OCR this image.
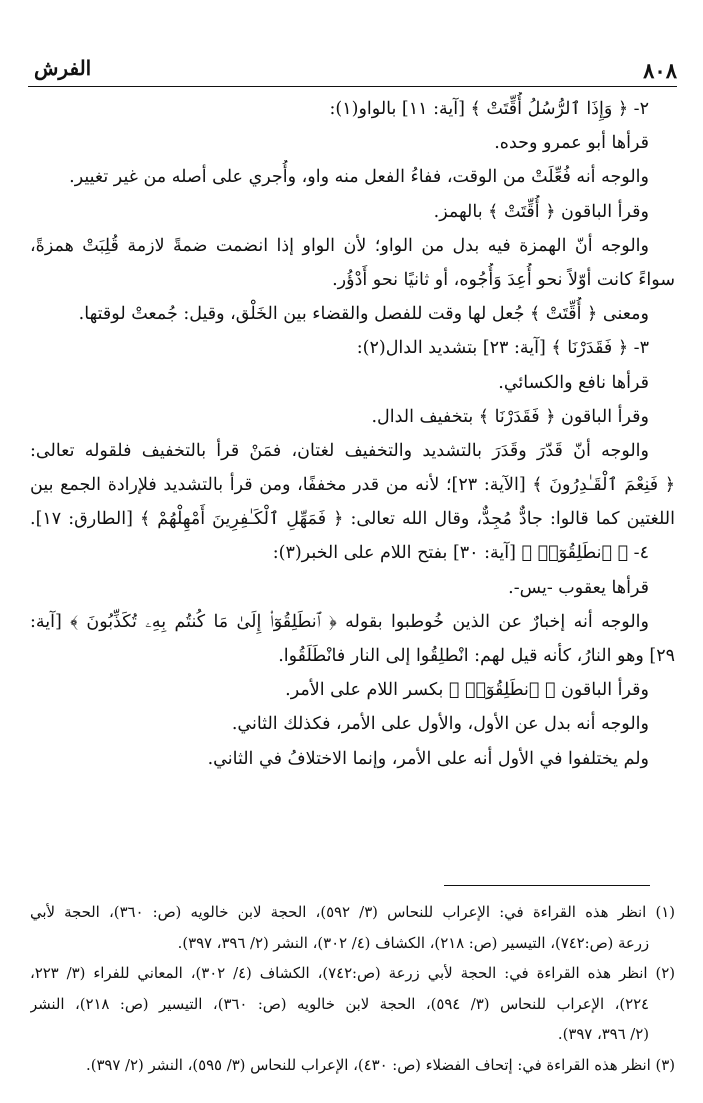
٨٠٨
الفرش
٢- ﴿ وَإِذَا ٱلرُّسُلُ أُقِّتَتْ ﴾ [آية: ١١] بالواو(١):
قرأها أبو عمرو وحده.
والوجه أنه فُعِّلَتْ من الوقت، ففاءُ الفعل منه واو، وأُجري على أصله من غير تغيير.
وقرأ الباقون ﴿ أُقِّتَتْ ﴾ بالهمز.
والوجه أنّ الهمزة فيه بدل من الواو؛ لأن الواو إذا انضمت ضمةً لازمة قُلِبَتْ همزةً،
سواءً كانت أوّلاً نحو أُعِدَ وَأُجُوه، أو ثانيًا نحو أَدْؤُر.
ومعنى ﴿ أُقِّتَتْ ﴾ جُعل لها وقت للفصل والقضاء بين الخَلْق، وقيل: جُمعتْ لوقتها.
٣- ﴿ فَقَدَرْنَا ﴾ [آية: ٢٣] بتشديد الدال(٢):
قرأها نافع والكسائي.
وقرأ الباقون ﴿ فَقَدَرْنَا ﴾ بتخفيف الدال.
والوجه أنّ قَدّرَ وقَدَرَ بالتشديد والتخفيف لغتان، فمَنْ قرأ بالتخفيف فلقوله تعالى:
﴿ فَنِعْمَ ٱلْقَـٰدِرُونَ ﴾ [الآية: ٢٣]؛ لأنه من قدر مخففًا، ومن قرأ بالتشديد فلإرادة الجمع بين
اللغتين كما قالوا: جادٌّ مُجِدٌّ، وقال الله تعالى: ﴿ فَمَهِّلِ ٱلْكَـٰفِرِينَ أَمْهِلْهُمْ ﴾ [الطارق: ١٧].
٤- ﴿ ٱنطَلِقُوٓا۟ ﴾ [آية: ٣٠] بفتح اللام على الخبر(٣):
قرأها يعقوب -يس-.
والوجه أنه إخبارٌ عن الذين خُوطبوا بقوله ﴿ ٱنطَلِقُوٓا۟ إِلَىٰ مَا كُنتُم بِهِۦ تُكَذِّبُونَ ﴾ [آية:
٢٩] وهو النارُ، كأنه قيل لهم: انْطلِقُوا إلى النار فانْطَلَقُوا.
وقرأ الباقون ﴿ ٱنطَلِقُوٓا۟ ﴾ بكسر اللام على الأمر.
والوجه أنه بدل عن الأول، والأول على الأمر، فكذلك الثاني.
ولم يختلفوا في الأول أنه على الأمر، وإنما الاختلافُ في الثاني.
(١) انظر هذه القراءة في: الإعراب للنحاس (٣/ ٥٩٢)، الحجة لابن خالويه (ص: ٣٦٠)، الحجة لأبي
زرعة (ص:٧٤٢)، التيسير (ص: ٢١٨)، الكشاف (٤/ ٣٠٢)، النشر (٢/ ٣٩٦، ٣٩٧).
(٢) انظر هذه القراءة في: الحجة لأبي زرعة (ص:٧٤٢)، الكشاف (٤/ ٣٠٢)، المعاني للفراء (٣/ ٢٢٣،
٢٢٤)، الإعراب للنحاس (٣/ ٥٩٤)، الحجة لابن خالويه (ص: ٣٦٠)، التيسير (ص: ٢١٨)، النشر
(٢/ ٣٩٦، ٣٩٧).
(٣) انظر هذه القراءة في: إتحاف الفضلاء (ص: ٤٣٠)، الإعراب للنحاس (٣/ ٥٩٥)، النشر (٢/ ٣٩٧).
